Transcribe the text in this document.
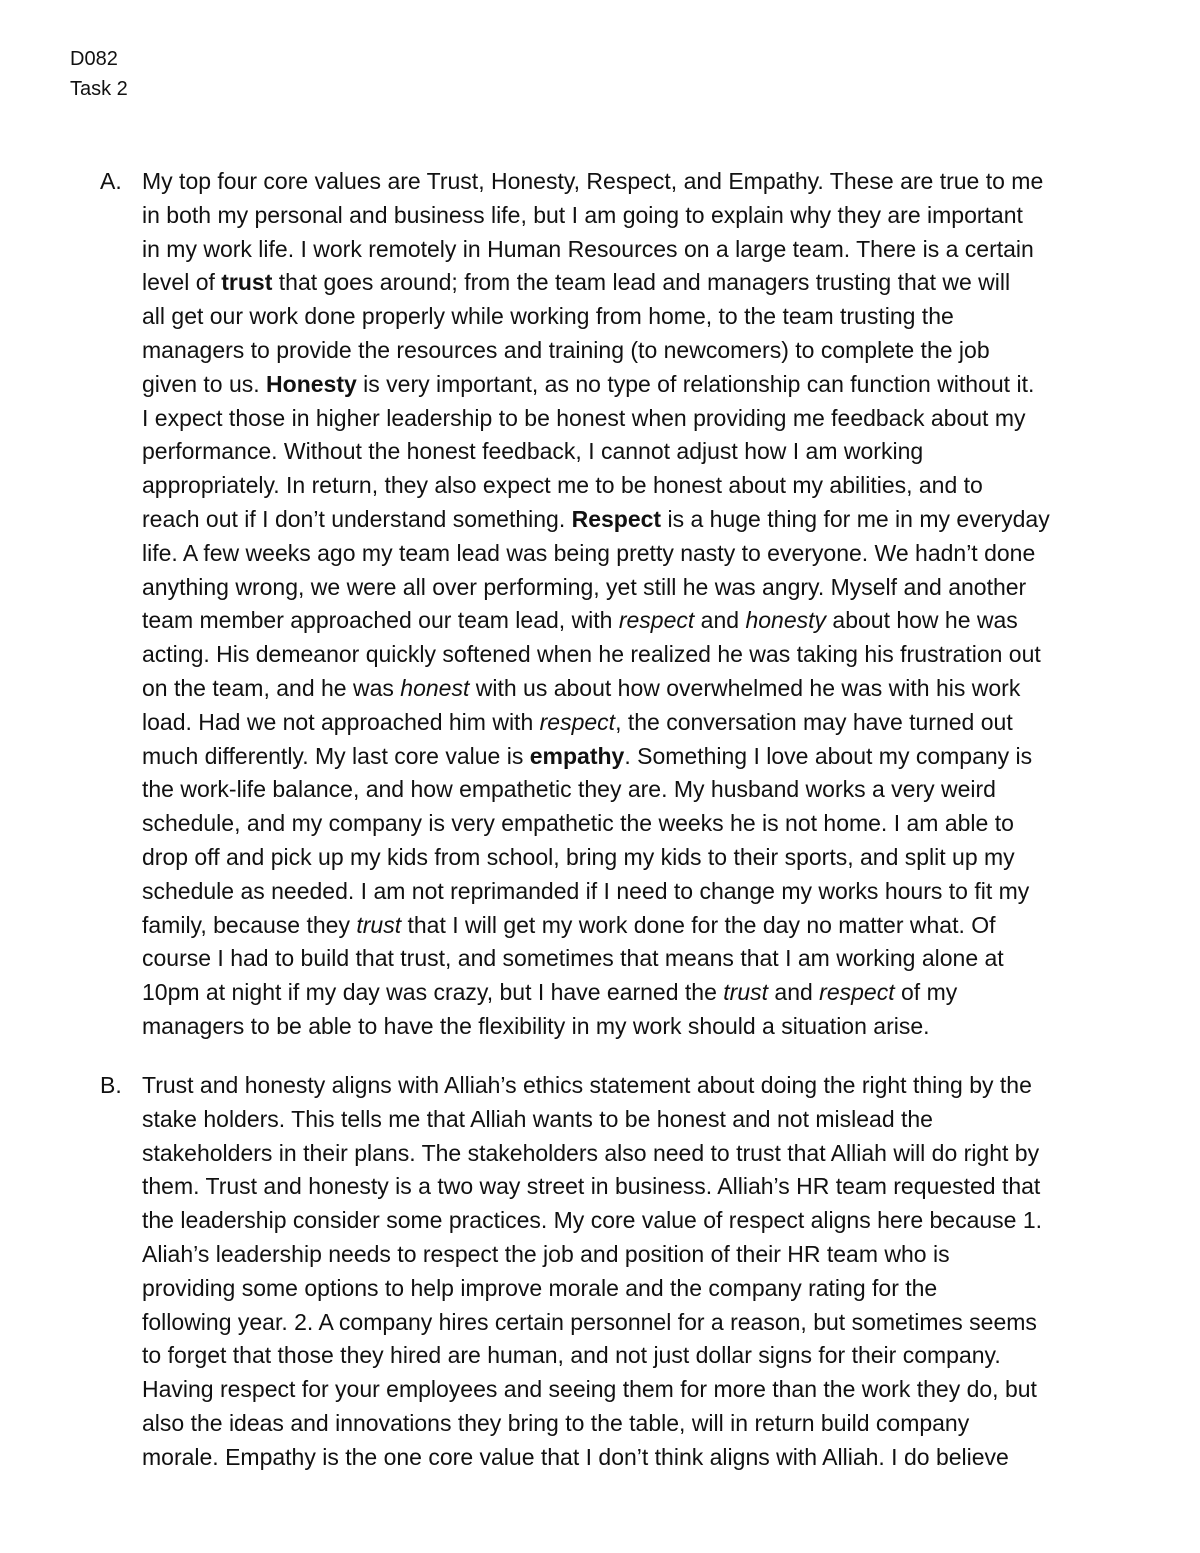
D082
Task 2
A. My top four core values are Trust, Honesty, Respect, and Empathy. These are true to me
in both my personal and business life, but I am going to explain why they are important
in my work life. I work remotely in Human Resources on a large team. There is a certain
level of trust that goes around; from the team lead and managers trusting that we will
all get our work done properly while working from home, to the team trusting the
managers to provide the resources and training (to newcomers) to complete the job
given to us. Honesty is very important, as no type of relationship can function without it.
I expect those in higher leadership to be honest when providing me feedback about my
performance. Without the honest feedback, I cannot adjust how I am working
appropriately. In return, they also expect me to be honest about my abilities, and to
reach out if I don’t understand something. Respect is a huge thing for me in my everyday
life. A few weeks ago my team lead was being pretty nasty to everyone. We hadn’t done
anything wrong, we were all over performing, yet still he was angry. Myself and another
team member approached our team lead, with respect and honesty about how he was
acting. His demeanor quickly softened when he realized he was taking his frustration out
on the team, and he was honest with us about how overwhelmed he was with his work
load. Had we not approached him with respect, the conversation may have turned out
much differently. My last core value is empathy. Something I love about my company is
the work-life balance, and how empathetic they are. My husband works a very weird
schedule, and my company is very empathetic the weeks he is not home. I am able to
drop off and pick up my kids from school, bring my kids to their sports, and split up my
schedule as needed. I am not reprimanded if I need to change my works hours to fit my
family, because they trust that I will get my work done for the day no matter what. Of
course I had to build that trust, and sometimes that means that I am working alone at
10pm at night if my day was crazy, but I have earned the trust and respect of my
managers to be able to have the flexibility in my work should a situation arise.
B. Trust and honesty aligns with Alliah’s ethics statement about doing the right thing by the
stake holders. This tells me that Alliah wants to be honest and not mislead the
stakeholders in their plans. The stakeholders also need to trust that Alliah will do right by
them. Trust and honesty is a two way street in business. Alliah’s HR team requested that
the leadership consider some practices. My core value of respect aligns here because 1.
Aliah’s leadership needs to respect the job and position of their HR team who is
providing some options to help improve morale and the company rating for the
following year. 2. A company hires certain personnel for a reason, but sometimes seems
to forget that those they hired are human, and not just dollar signs for their company.
Having respect for your employees and seeing them for more than the work they do, but
also the ideas and innovations they bring to the table, will in return build company
morale. Empathy is the one core value that I don’t think aligns with Alliah. I do believe
